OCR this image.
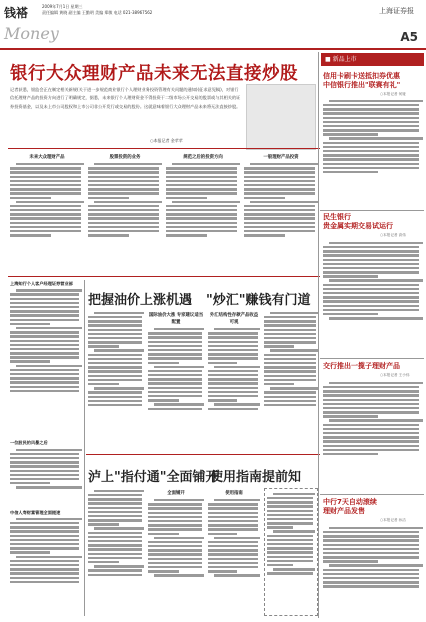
钱褡
Money
2009年7月1日 星期三
责任编辑 黄晓 副主编 王勤明 美编 郑敏 电话 021-38967562	上海证券报
A5
银行大众理财产品未来无法直接炒股
记者获悉，银监会正在制定相关新规(关于进一步规范商业银行个人理财业务投资管理有关问题的通知)(征求意见稿)，对银行信托理财产品的投资方向进行了明确规定，据悉，未来银行个人理财资金不得投资于二级市场公开交易的股票或与其相关的证券投资基金，以及未上市公司股权和上市公司非公开发行或交易的股份。这就意味着银行大众理财产品未来将无法直接炒股。
○本报记者 金苹苹
未来大众理财产品	股票投资的业务	规范之后的投资方向	一般理财产品投资
上海知行个人客户经理证券营业部
一位股民的风暴之后
中信人寿财富管理全面提速
把握油价上涨机遇 "炒汇"赚钱有门道
国际油价大涨 专家建议适当配置
外汇结构性存款产品收益可观
泸上"指付通"全面铺开
使用指南提前知
全面铺开	使用指南
■ 新品上市
信用卡刷卡送抵扣券优惠
中信银行推出"联赛有礼"
○本报记者 何娅
民生银行
贵金属实期交易试运行
○本报记者 高伟
交行推出一揽子理财产品
○本报记者 王小伟
中行7天自动滚续
理财产品发售
○本报记者 孙洁
